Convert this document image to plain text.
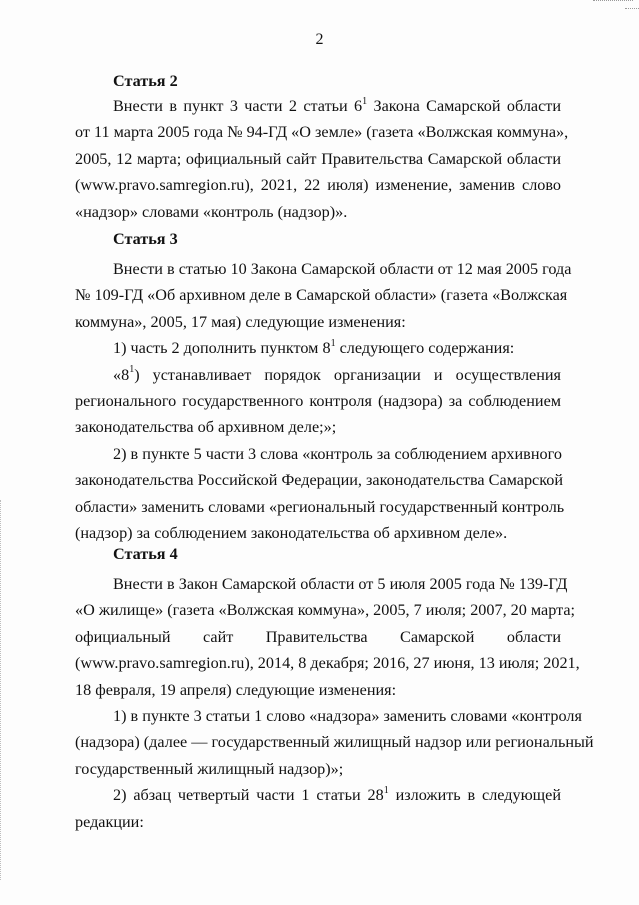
2
Статья 2
Внести в пункт 3 части 2 статьи $6^1$ Закона Самарской области
от 11 марта 2005 года № 94-ГД «О земле» (газета «Волжская коммуна»,
2005, 12 марта; официальный сайт Правительства Самарской области
(www.pravo.samregion.ru), 2021, 22 июля) изменение, заменив слово
«надзор» словами «контроль (надзор)».
Статья 3
Внести в статью 10 Закона Самарской области от 12 мая 2005 года
№ 109-ГД «Об архивном деле в Самарской области» (газета «Волжская
коммуна», 2005, 17 мая) следующие изменения:
1) часть 2 дополнить пунктом $8^1$ следующего содержания:
«$8^1$) устанавливает порядок организации и осуществления
регионального государственного контроля (надзора) за соблюдением
законодательства об архивном деле;»;
2) в пункте 5 части 3 слова «контроль за соблюдением архивного
законодательства Российской Федерации, законодательства Самарской
области» заменить словами «региональный государственный контроль
(надзор) за соблюдением законодательства об архивном деле».
Статья 4
Внести в Закон Самарской области от 5 июля 2005 года № 139-ГД
«О жилище» (газета «Волжская коммуна», 2005, 7 июля; 2007, 20 марта;
официальный сайт Правительства Самарской области
(www.pravo.samregion.ru), 2014, 8 декабря; 2016, 27 июня, 13 июля; 2021,
18 февраля, 19 апреля) следующие изменения:
1) в пункте 3 статьи 1 слово «надзора» заменить словами «контроля
(надзора) (далее — государственный жилищный надзор или региональный
государственный жилищный надзор)»;
2) абзац четвертый части 1 статьи $28^1$ изложить в следующей
редакции:
